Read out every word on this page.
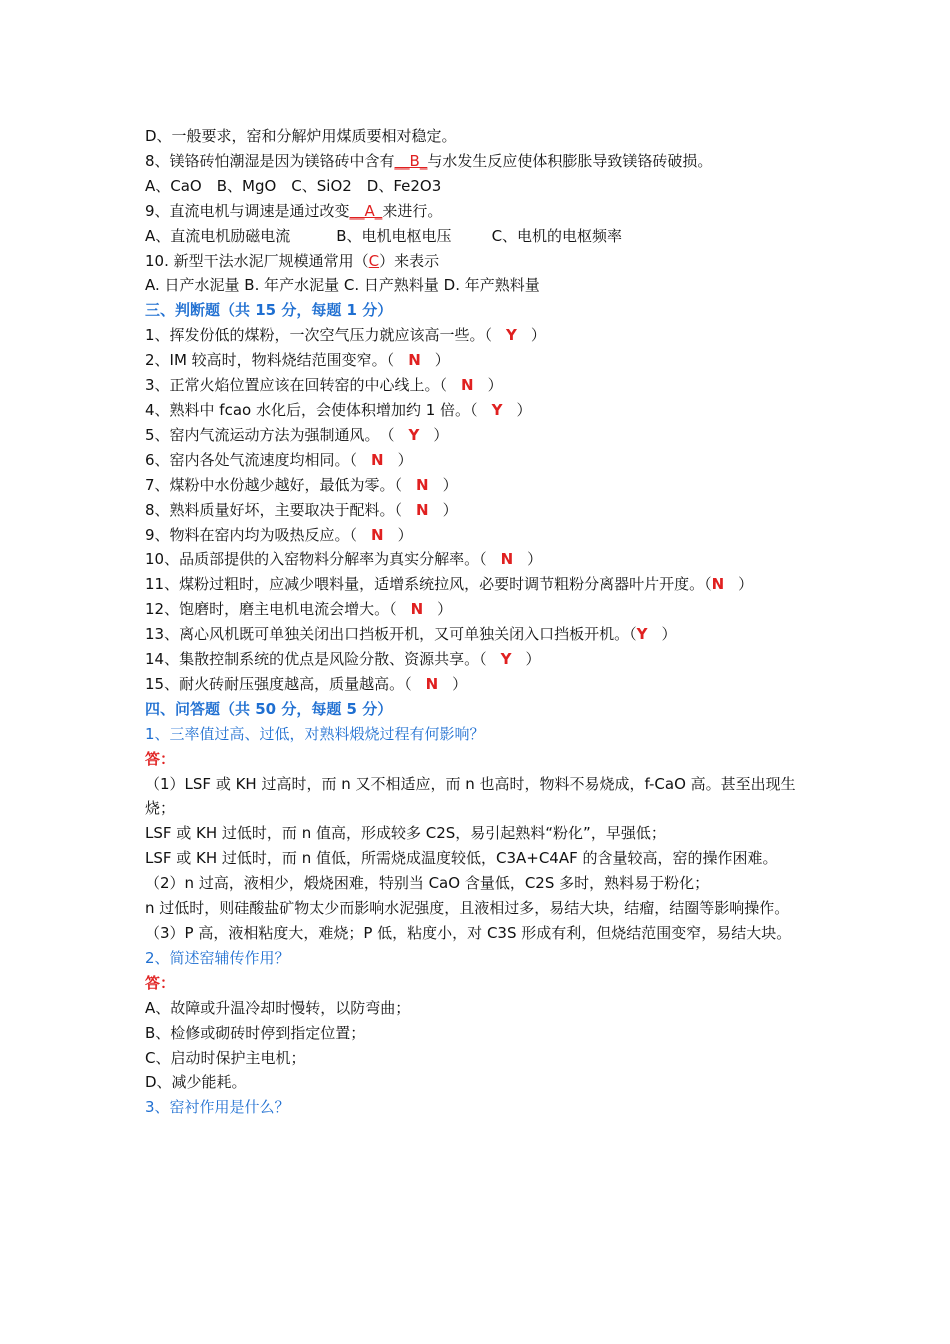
D、一般要求，窑和分解炉用煤质要相对稳定。
8、镁铬砖怕潮湿是因为镁铬砖中含有__B_与水发生反应使体积膨胀导致镁铬砖破损。
A、CaO　B、MgO　C、SiO2　D、Fe2O3
9、直流电机与调速是通过改变__A_来进行。
A、直流电机励磁电流	B、电机电枢电压	C、电机的电枢频率
10. 新型干法水泥厂规模通常用（C）来表示
A. 日产水泥量 B. 年产水泥量 C. 日产熟料量 D. 年产熟料量
三、判断题（共 15 分，每题 1 分）
1、挥发份低的煤粉，一次空气压力就应该高一些。（ Y ）
2、IM 较高时，物料烧结范围变窄。（ N ）
3、正常火焰位置应该在回转窑的中心线上。（ N ）
4、熟料中 fcao 水化后，会使体积增加约 1 倍。（ Y ）
5、窑内气流运动方法为强制通风。　（ Y ）
6、窑内各处气流速度均相同。（ N ）
7、煤粉中水份越少越好，最低为零。（ N ）
8、熟料质量好坏，主要取决于配料。（ N ）
9、物料在窑内均为吸热反应。（ N ）
10、品质部提供的入窑物料分解率为真实分解率。（ N ）
11、煤粉过粗时，应减少喂料量，适增系统拉风，必要时调节粗粉分离器叶片开度。（N ）
12、饱磨时，磨主电机电流会增大。（ N ）
13、离心风机既可单独关闭出口挡板开机，又可单独关闭入口挡板开机。（Y ）
14、集散控制系统的优点是风险分散、资源共享。（ Y ）
15、耐火砖耐压强度越高，质量越高。（ N ）
四、问答题（共 50 分，每题 5 分）
1、三率值过高、过低，对熟料煅烧过程有何影响？
答：
（1）LSF 或 KH 过高时，而 n 又不相适应，而 n 也高时，物料不易烧成，f-CaO 高。甚至出现生烧；
LSF 或 KH 过低时，而 n 值高，形成较多 C2S，易引起熟料“粉化”，早强低；
LSF 或 KH 过低时，而 n 值低，所需烧成温度较低，C3A+C4AF 的含量较高，窑的操作困难。
（2）n 过高，液相少，煅烧困难，特别当 CaO 含量低，C2S 多时，熟料易于粉化；
n 过低时，则硅酸盐矿物太少而影响水泥强度，且液相过多，易结大块，结瘤，结圈等影响操作。
（3）P 高，液相粘度大，难烧；P 低，粘度小，对 C3S 形成有利，但烧结范围变窄，易结大块。
2、简述窑辅传作用？
答：
A、故障或升温冷却时慢转，以防弯曲；
B、检修或砌砖时停到指定位置；
C、启动时保护主电机；
D、减少能耗。
3、窑衬作用是什么？
